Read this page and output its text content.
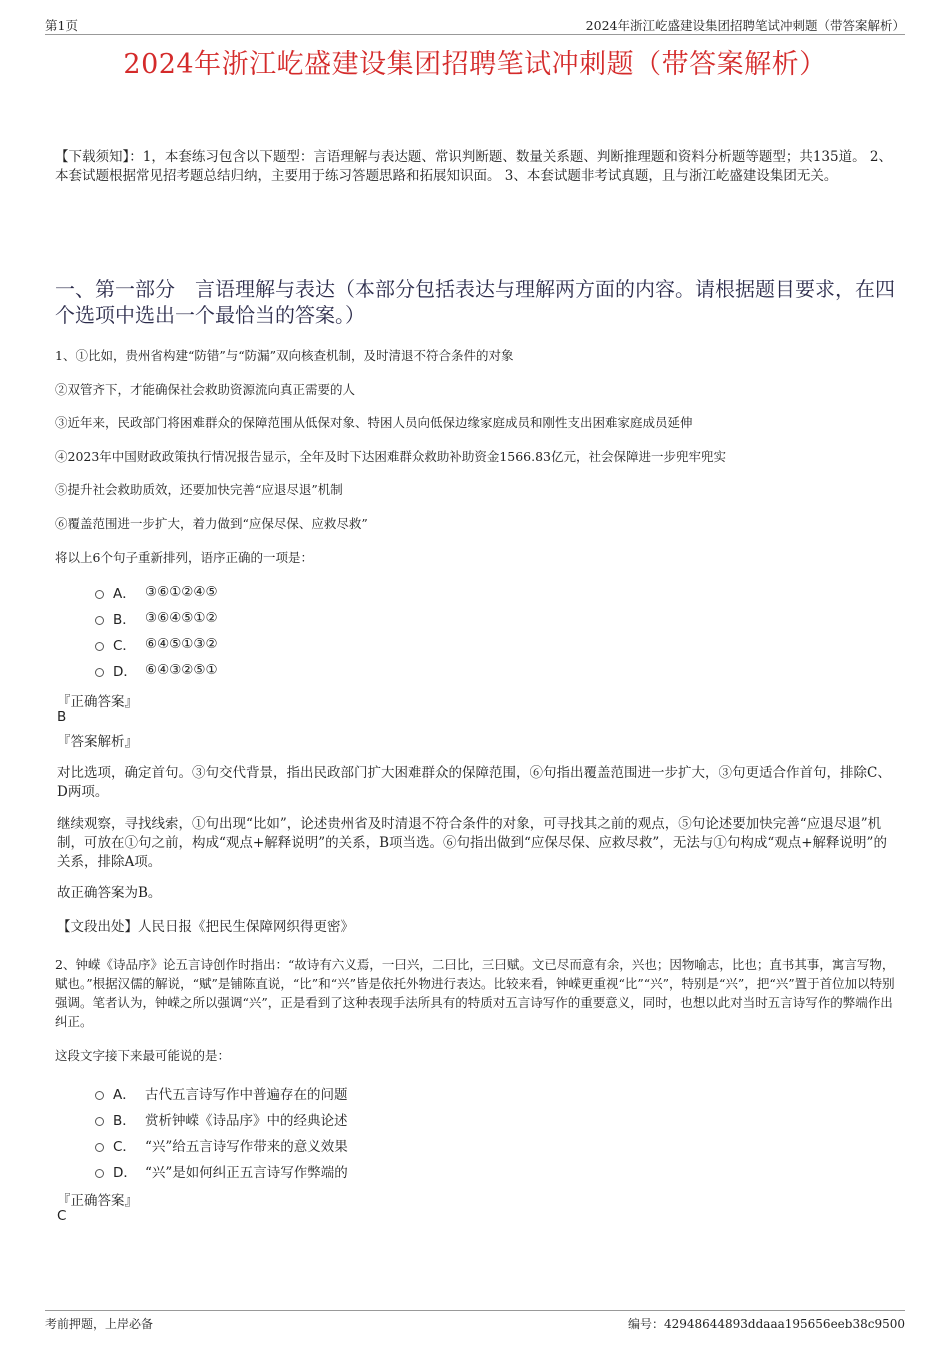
第1页	2024年浙江屹盛建设集团招聘笔试冲刺题（带答案解析）
2024年浙江屹盛建设集团招聘笔试冲刺题（带答案解析）
【下载须知】：1，本套练习包含以下题型：言语理解与表达题、常识判断题、数量关系题、判断推理题和资料分析题等题型；共135道。 2、本套试题根据常见招考题总结归纳，主要用于练习答题思路和拓展知识面。 3、本套试题非考试真题，且与浙江屹盛建设集团无关。
一、第一部分　言语理解与表达（本部分包括表达与理解两方面的内容。请根据题目要求，在四个选项中选出一个最恰当的答案。）
1、①比如，贵州省构建“防错”与“防漏”双向核查机制，及时清退不符合条件的对象
②双管齐下，才能确保社会救助资源流向真正需要的人
③近年来，民政部门将困难群众的保障范围从低保对象、特困人员向低保边缘家庭成员和刚性支出困难家庭成员延伸
④2023年中国财政政策执行情况报告显示，全年及时下达困难群众救助补助资金1566.83亿元，社会保障进一步兜牢兜实
⑤提升社会救助质效，还要加快完善“应退尽退”机制
⑥覆盖范围进一步扩大，着力做到“应保尽保、应救尽救”
将以上6个句子重新排列，语序正确的一项是：
A． ③⑥①②④⑤
B． ③⑥④⑤①②
C． ⑥④⑤①③②
D． ⑥④③②⑤①
『正确答案』
B
『答案解析』
对比选项，确定首句。③句交代背景，指出民政部门扩大困难群众的保障范围，⑥句指出覆盖范围进一步扩大，③句更适合作首句，排除C、D两项。
继续观察，寻找线索，①句出现“比如”，论述贵州省及时清退不符合条件的对象，可寻找其之前的观点，⑤句论述要加快完善“应退尽退”机制，可放在①句之前，构成“观点+解释说明”的关系，B项当选。⑥句指出做到“应保尽保、应救尽救”，无法与①句构成“观点+解释说明”的关系，排除A项。
故正确答案为B。
【文段出处】人民日报《把民生保障网织得更密》
2、钟嵘《诗品序》论五言诗创作时指出：“故诗有六义焉，一曰兴，二曰比，三曰赋。文已尽而意有余，兴也；因物喻志，比也；直书其事，寓言写物，赋也。”根据汉儒的解说，“赋”是铺陈直说，“比”和“兴”皆是依托外物进行表达。比较来看，钟嵘更重视“比”“兴”，特别是“兴”，把“兴”置于首位加以特别强调。笔者认为，钟嵘之所以强调“兴”，正是看到了这种表现手法所具有的特质对五言诗写作的重要意义，同时，也想以此对当时五言诗写作的弊端作出纠正。
这段文字接下来最可能说的是：
A． 古代五言诗写作中普遍存在的问题
B． 赏析钟嵘《诗品序》中的经典论述
C． “兴”给五言诗写作带来的意义效果
D． “兴”是如何纠正五言诗写作弊端的
『正确答案』
C
考前押题，上岸必备	编号：42948644893ddaaa195656eeb38c9500
